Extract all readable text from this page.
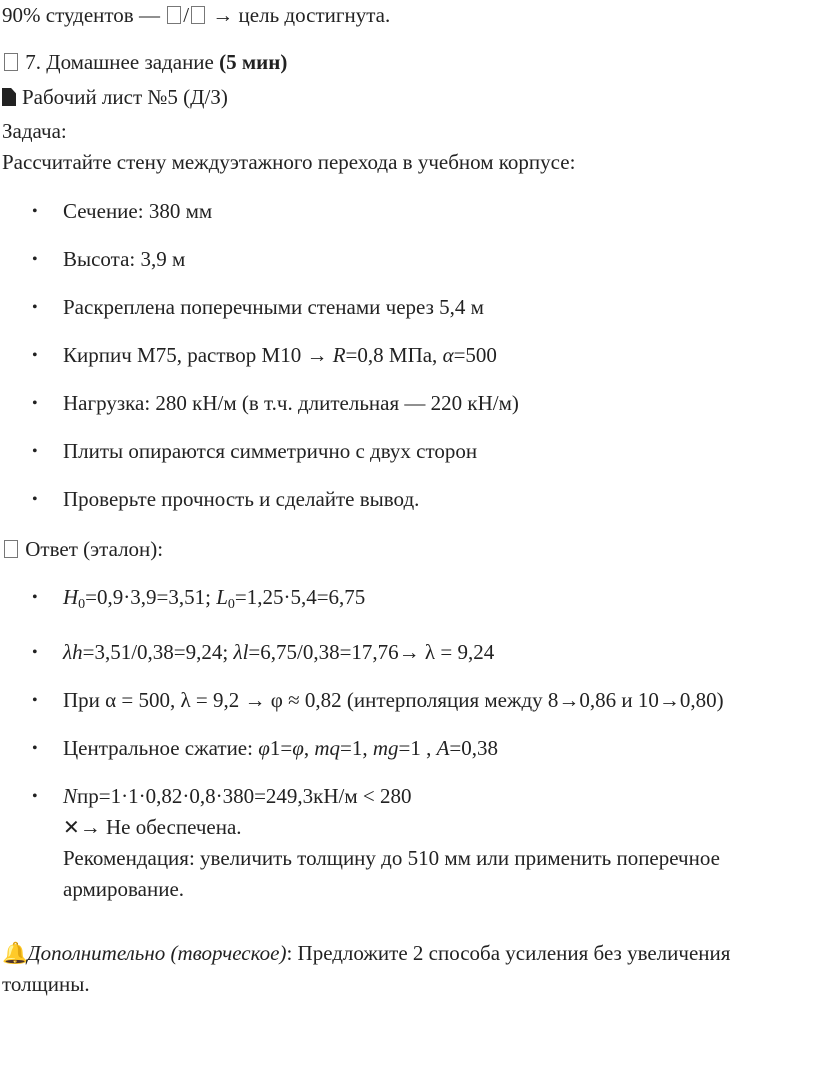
90% студентов — / → цель достигнута.

7. Домашнее задание (5 мин)

Рабочий лист №5 (Д/З)

Задача:

Рассчитайте стену междуэтажного перехода в учебном корпусе:

• Сечение: 380 мм
• Высота: 3,9 м
• Раскреплена поперечными стенами через 5,4 м
• Кирпич М75, раствор М10 → R=0,8 МПа, α=500
• Нагрузка: 280 кН/м (в т.ч. длительная — 220 кН/м)
• Плиты опираются симметрично с двух сторон
• Проверьте прочность и сделайте вывод.

Ответ (эталон):

• $H_0=0,9\cdot 3,9=3,51$; $L_0=1,25\cdot 5,4=6,75$
• λh=3,51/0,38=9,24; λl=6,75/0,38=17,76→ λ = 9,24
• При α = 500, λ = 9,2 → φ ≈ 0,82 (интерполяция между 8→0,86 и 10→0,80)
• Центральное сжатие: φ1=φ, mq=1, mg=1 , A=0,38
• Nпр=1·1·0,82·0,8·380=249,3кН/м < 280
✕→ Не обеспечена.
Рекомендация: увеличить толщину до 510 мм или применить поперечное армирование.

🔔 Дополнительно (творческое): Предложите 2 способа усиления без увеличения толщины.
